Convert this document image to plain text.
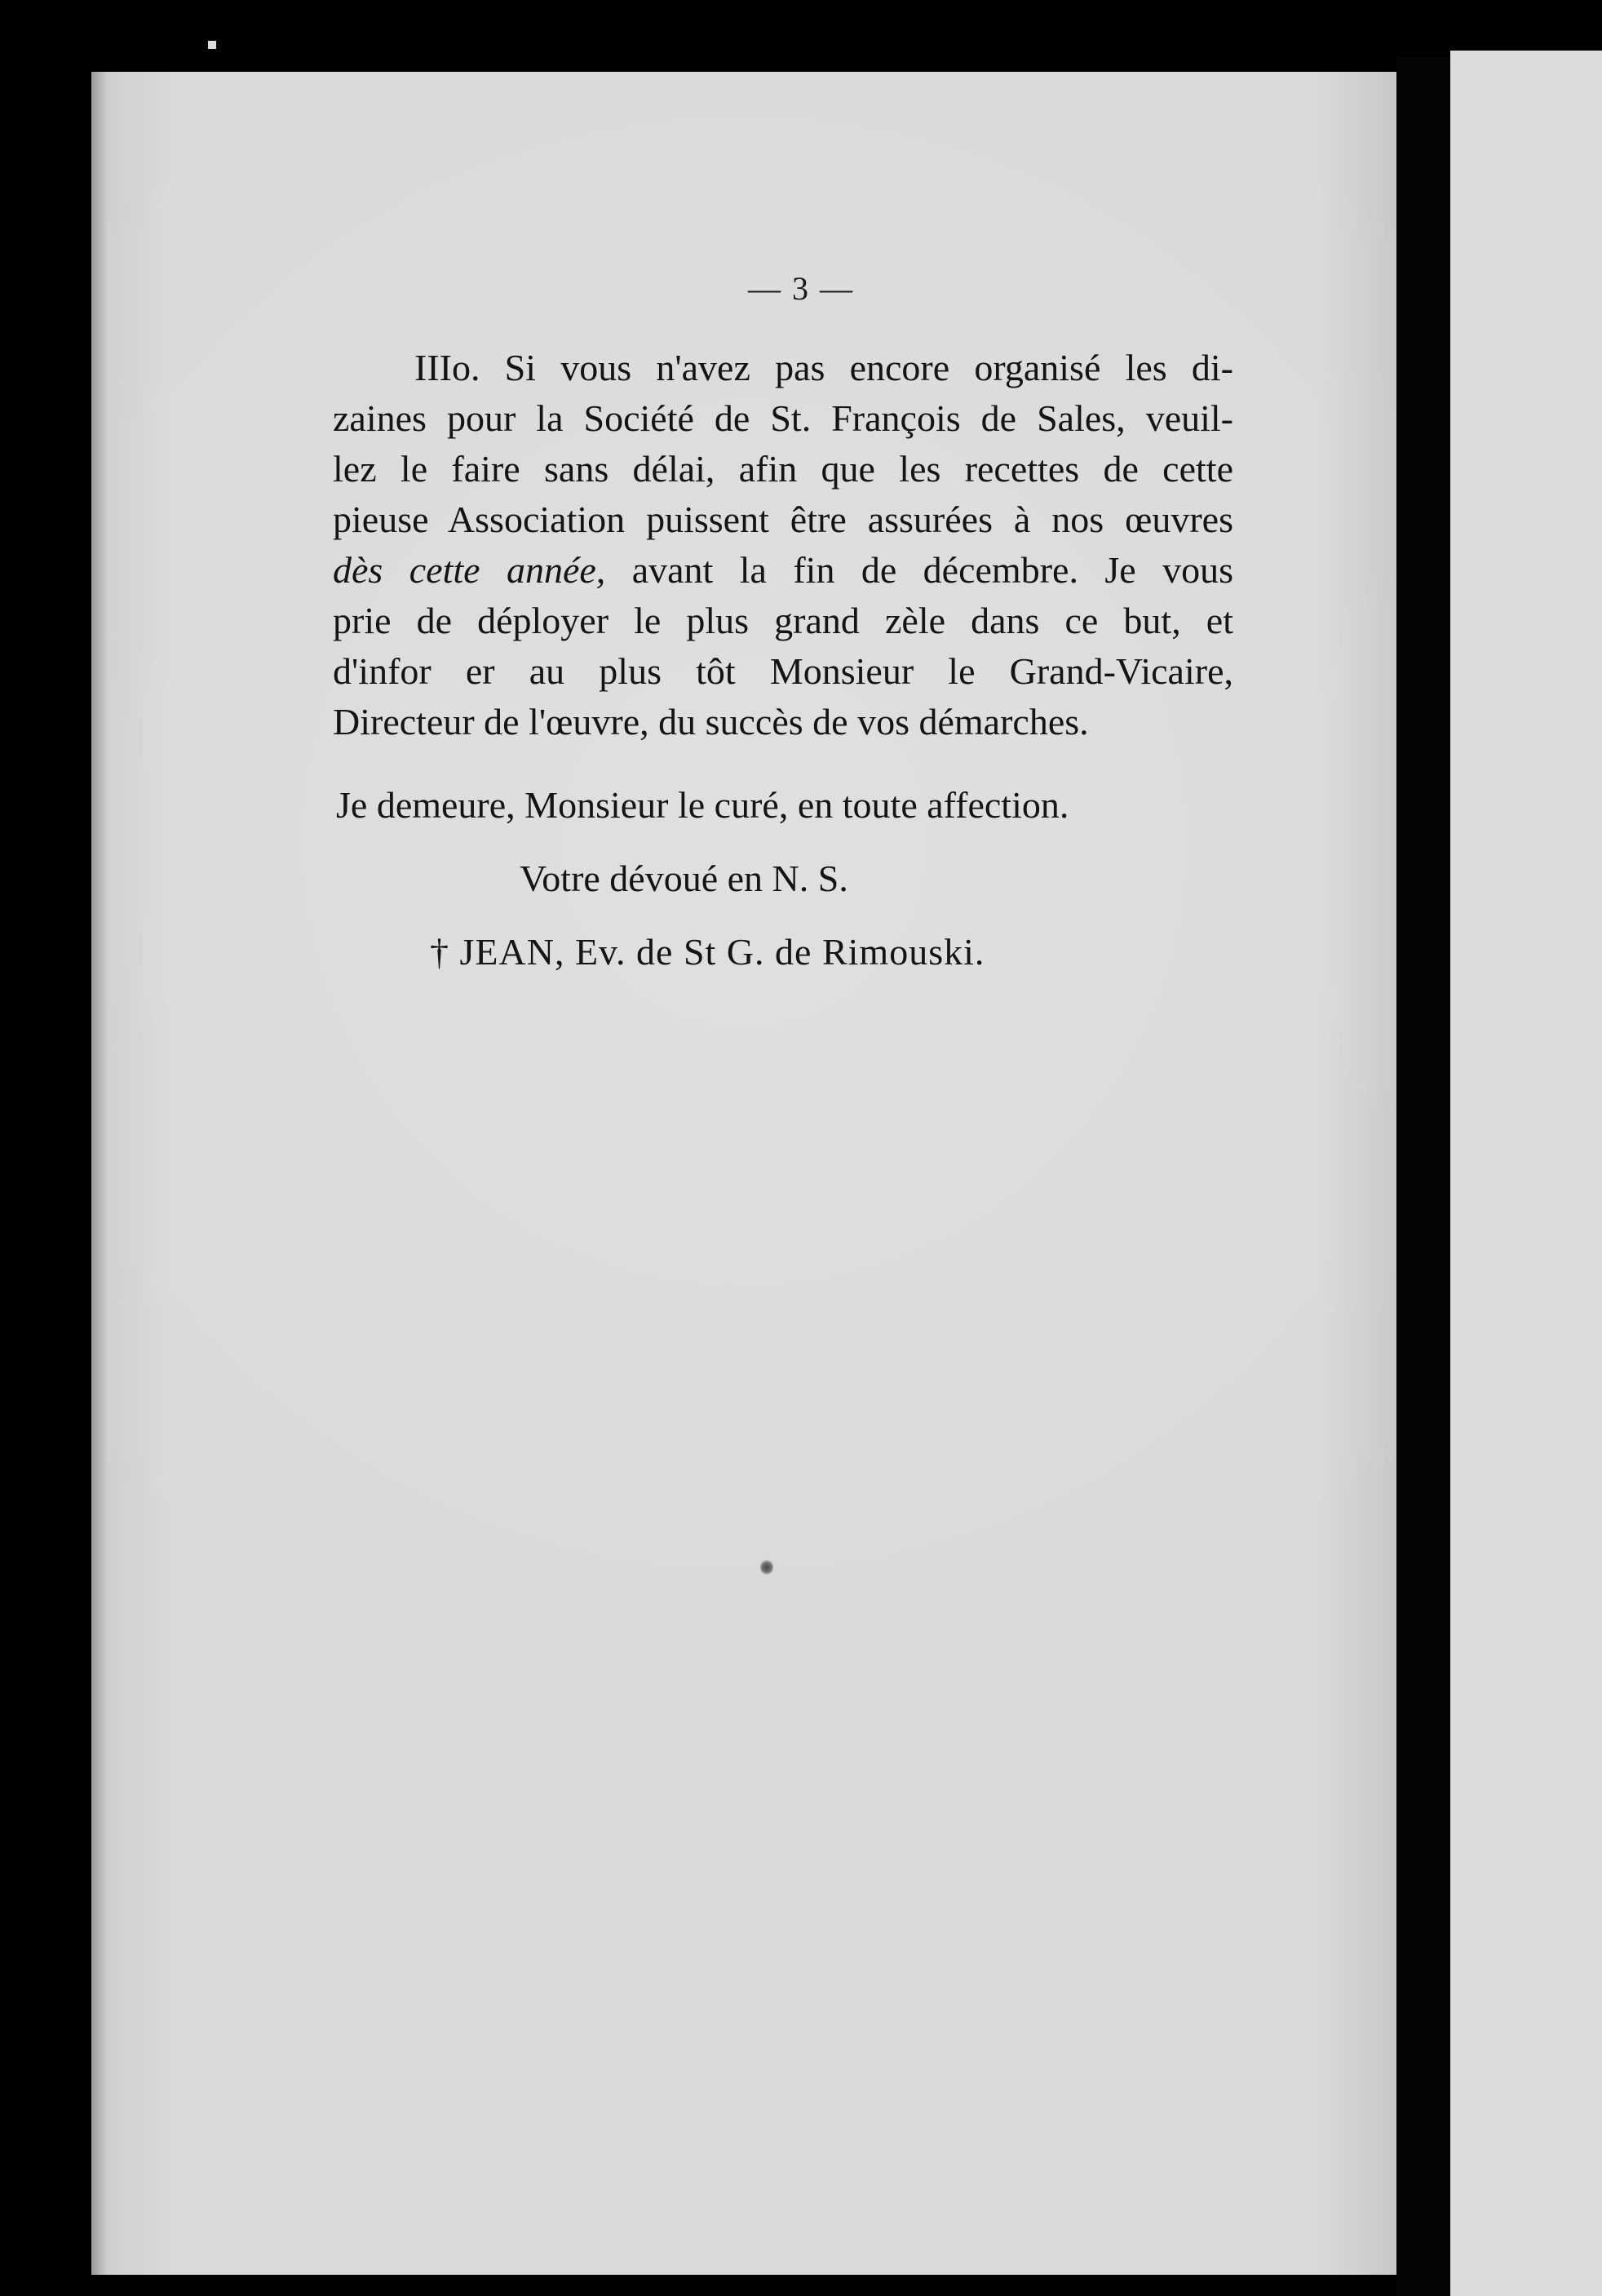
— 3 —
IIIo. Si vous n'avez pas encore organisé les di-
zaines pour la Société de St. François de Sales, veuil-
lez le faire sans délai, afin que les recettes de cette
pieuse Association puissent être assurées à nos œuvres
dès cette année, avant la fin de décembre. Je vous
prie de déployer le plus grand zèle dans ce but, et
d'infor er au plus tôt Monsieur le Grand-Vicaire,
Directeur de l'œuvre, du succès de vos démarches.
Je demeure, Monsieur le curé, en toute affection.
Votre dévoué en N. S.
† JEAN, Ev. de St G. de Rimouski.
